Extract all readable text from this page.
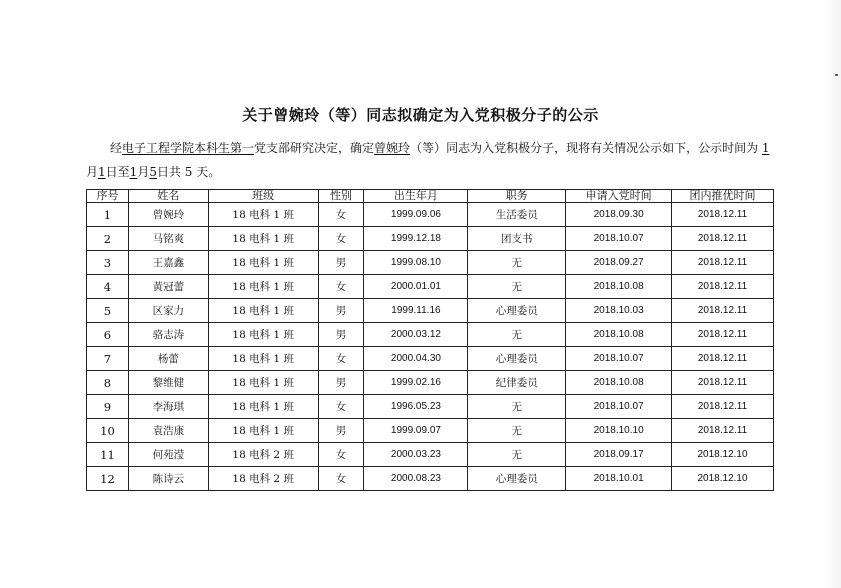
关于曾婉玲（等）同志拟确定为入党积极分子的公示
经电子工程学院本科生第一党支部研究决定，确定曾婉玲（等）同志为入党积极分子，现将有关情况公示如下，公示时间为 1
月1日至1月5日共 5 天。
序号	姓名	班级	性别	出生年月	职务	申请入党时间	团内推优时间
1	曾婉玲	18 电科 1 班	女	1999.09.06	生活委员	2018.09.30	2018.12.11
2	马铭爽	18 电科 1 班	女	1999.12.18	团支书	2018.10.07	2018.12.11
3	王嘉鑫	18 电科 1 班	男	1999.08.10	无	2018.09.27	2018.12.11
4	黄冠蕾	18 电科 1 班	女	2000.01.01	无	2018.10.08	2018.12.11
5	区家力	18 电科 1 班	男	1999.11.16	心理委员	2018.10.03	2018.12.11
6	骆志涛	18 电科 1 班	男	2000.03.12	无	2018.10.08	2018.12.11
7	杨蕾	18 电科 1 班	女	2000.04.30	心理委员	2018.10.07	2018.12.11
8	黎维健	18 电科 1 班	男	1999.02.16	纪律委员	2018.10.08	2018.12.11
9	李海琪	18 电科 1 班	女	1996.05.23	无	2018.10.07	2018.12.11
10	袁浩康	18 电科 1 班	男	1999.09.07	无	2018.10.10	2018.12.11
11	何苑滢	18 电科 2 班	女	2000.03.23	无	2018.09.17	2018.12.10
12	陈诗云	18 电科 2 班	女	2000.08.23	心理委员	2018.10.01	2018.12.10
